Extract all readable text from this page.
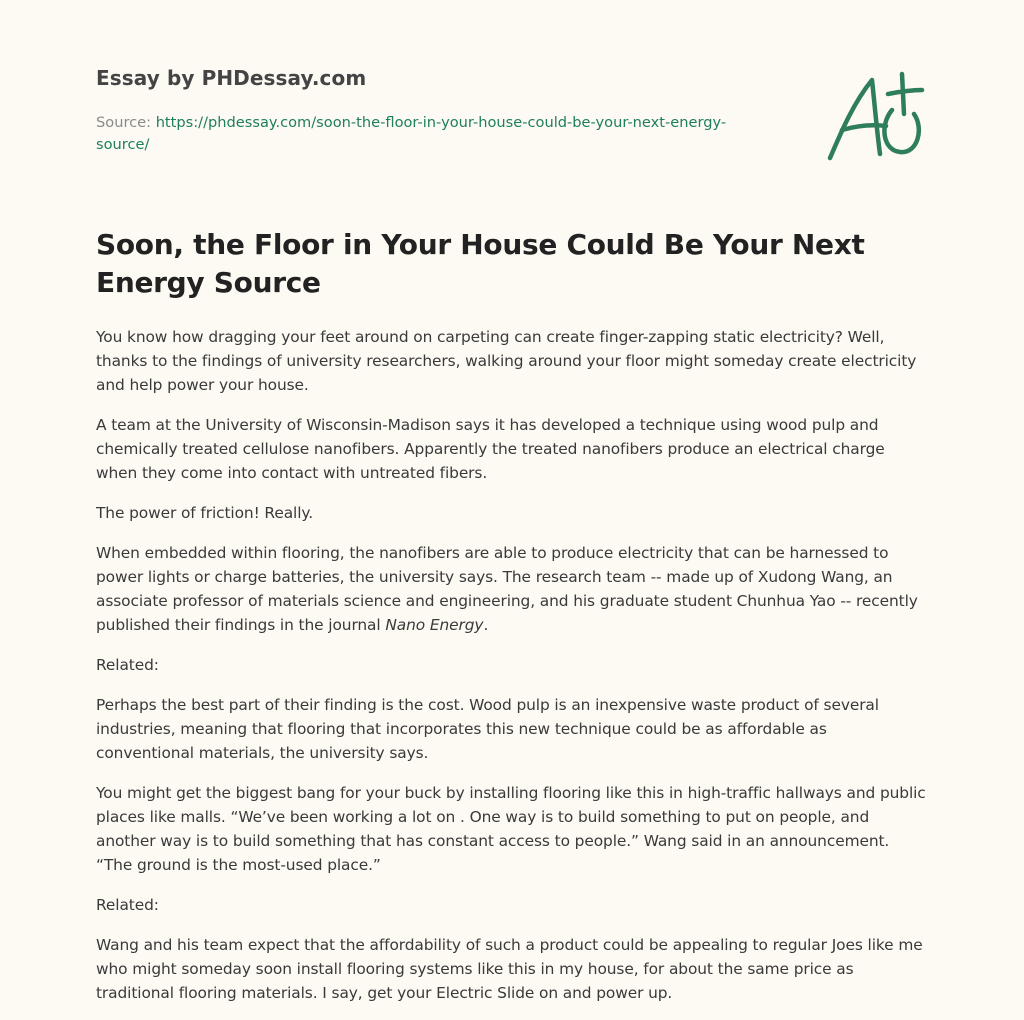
Essay by PHDessay.com

Source: https://phdessay.com/soon-the-floor-in-your-house-could-be-your-next-energy-source/
Soon, the Floor in Your House Could Be Your Next Energy Source

You know how dragging your feet around on carpeting can create finger-zapping static electricity? Well, thanks to the findings of university researchers, walking around your floor might someday create electricity and help power your house.

A team at the University of Wisconsin-Madison says it has developed a technique using wood pulp and chemically treated cellulose nanofibers. Apparently the treated nanofibers produce an electrical charge when they come into contact with untreated fibers.

The power of friction! Really.

When embedded within flooring, the nanofibers are able to produce electricity that can be harnessed to power lights or charge batteries, the university says. The research team -- made up of Xudong Wang, an associate professor of materials science and engineering, and his graduate student Chunhua Yao -- recently published their findings in the journal Nano Energy.

Related:

Perhaps the best part of their finding is the cost. Wood pulp is an inexpensive waste product of several industries, meaning that flooring that incorporates this new technique could be as affordable as conventional materials, the university says.

You might get the biggest bang for your buck by installing flooring like this in high-traffic hallways and public places like malls. “We’ve been working a lot on . One way is to build something to put on people, and another way is to build something that has constant access to people.” Wang said in an announcement. “The ground is the most-used place.”

Related:

Wang and his team expect that the affordability of such a product could be appealing to regular Joes like me who might someday soon install flooring systems like this in my house, for about the same price as traditional flooring materials. I say, get your Electric Slide on and power up.
